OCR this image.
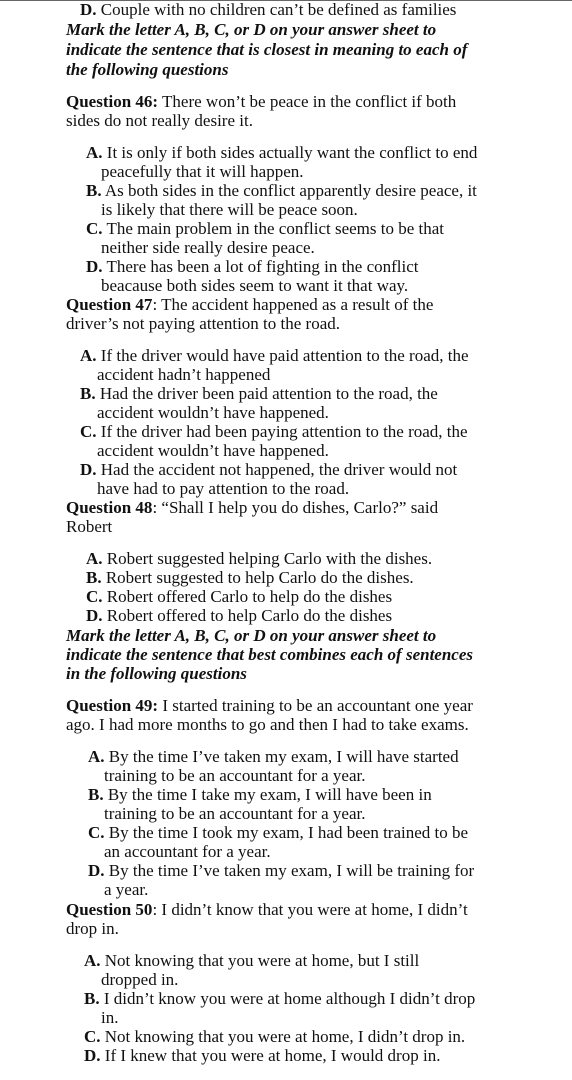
D. Couple with no children can’t be defined as families
Mark the letter A, B, C, or D on your answer sheet to
indicate the sentence that is closest in meaning to each of
the following questions
Question 46: There won’t be peace in the conflict if both
sides do not really desire it.
A. It is only if both sides actually want the conflict to end
peacefully that it will happen.
B. As both sides in the conflict apparently desire peace, it
is likely that there will be peace soon.
C. The main problem in the conflict seems to be that
neither side really desire peace.
D. There has been a lot of fighting in the conflict
beacause both sides seem to want it that way.
Question 47: The accident happened as a result of the
driver’s not paying attention to the road.
A. If the driver would have paid attention to the road, the
accident hadn’t happened
B. Had the driver been paid attention to the road, the
accident wouldn’t have happened.
C. If the driver had been paying attention to the road, the
accident wouldn’t have happened.
D. Had the accident not happened, the driver would not
have had to pay attention to the road.
Question 48: “Shall I help you do dishes, Carlo?” said
Robert
A. Robert suggested helping Carlo with the dishes.
B. Robert suggested to help Carlo do the dishes.
C. Robert offered Carlo to help do the dishes
D. Robert offered to help Carlo do the dishes
Mark the letter A, B, C, or D on your answer sheet to
indicate the sentence that best combines each of sentences
in the following questions
Question 49: I started training to be an accountant one year
ago. I had more months to go and then I had to take exams.
A. By the time I’ve taken my exam, I will have started
training to be an accountant for a year.
B. By the time I take my exam, I will have been in
training to be an accountant for a year.
C. By the time I took my exam, I had been trained to be
an accountant for a year.
D. By the time I’ve taken my exam, I will be training for
a year.
Question 50: I didn’t know that you were at home, I didn’t
drop in.
A. Not knowing that you were at home, but I still
dropped in.
B. I didn’t know you were at home although I didn’t drop
in.
C. Not knowing that you were at home, I didn’t drop in.
D. If I knew that you were at home, I would drop in.
